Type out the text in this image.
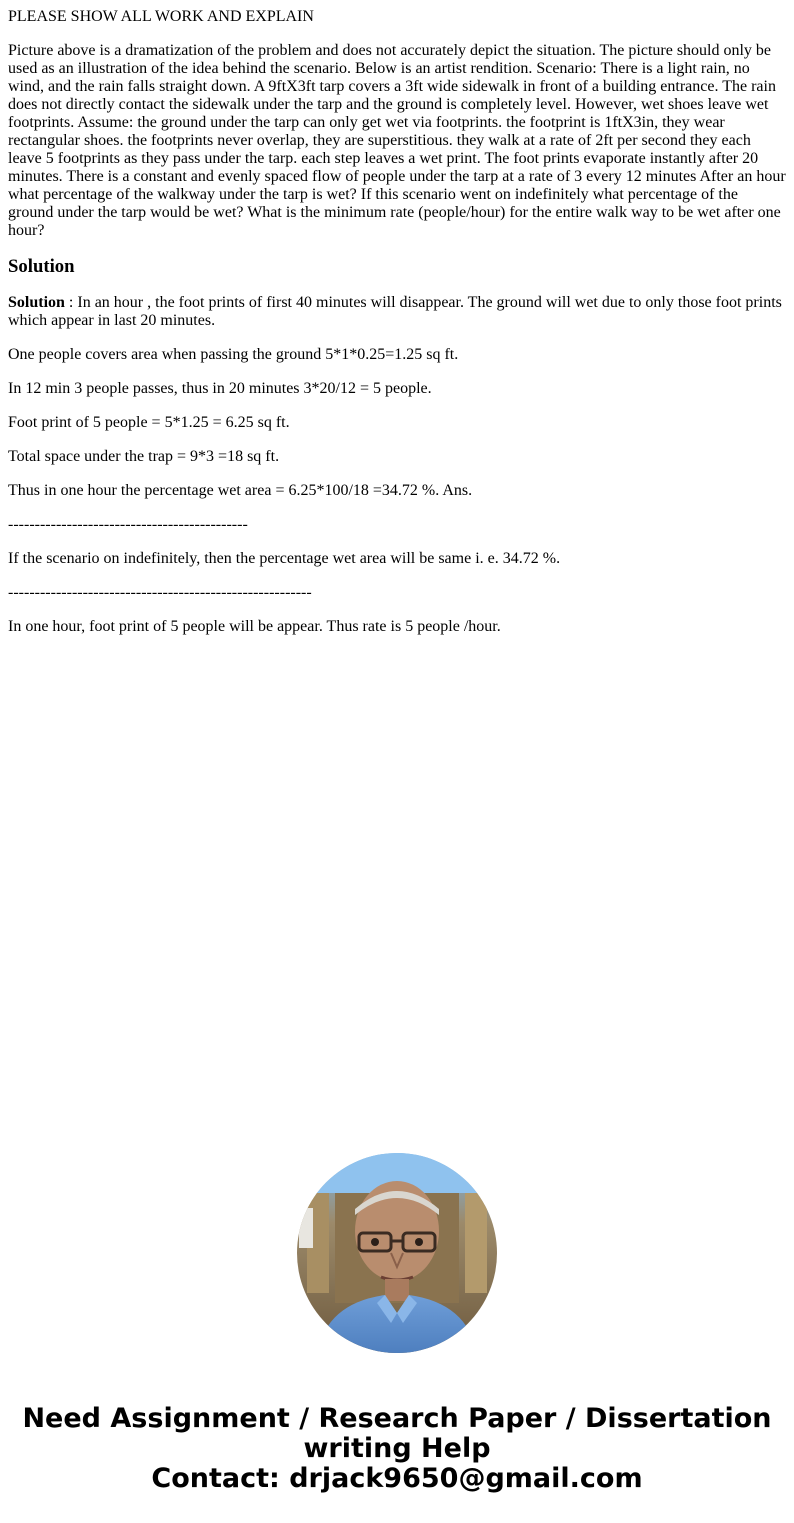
PLEASE SHOW ALL WORK AND EXPLAIN

Picture above is a dramatization of the problem and does not accurately depict the situation. The picture should only be used as an illustration of the idea behind the scenario. Below is an artist rendition. Scenario: There is a light rain, no wind, and the rain falls straight down. A 9ftX3ft tarp covers a 3ft wide sidewalk in front of a building entrance. The rain does not directly contact the sidewalk under the tarp and the ground is completely level. However, wet shoes leave wet footprints. Assume: the ground under the tarp can only get wet via footprints. the footprint is 1ftX3in, they wear rectangular shoes. the footprints never overlap, they are superstitious. they walk at a rate of 2ft per second they each leave 5 footprints as they pass under the tarp. each step leaves a wet print. The foot prints evaporate instantly after 20 minutes. There is a constant and evenly spaced flow of people under the tarp at a rate of 3 every 12 minutes After an hour what percentage of the walkway under the tarp is wet? If this scenario went on indefinitely what percentage of the ground under the tarp would be wet? What is the minimum rate (people/hour) for the entire walk way to be wet after one hour?

Solution

Solution : In an hour , the foot prints of first 40 minutes will disappear. The ground will wet due to only those foot prints which appear in last 20 minutes.

One people covers area when passing the ground 5*1*0.25=1.25 sq ft.

In 12 min 3 people passes, thus in 20 minutes 3*20/12 = 5 people.

Foot print of 5 people = 5*1.25 = 6.25 sq ft.

Total space under the trap = 9*3 =18 sq ft.

Thus in one hour the percentage wet area = 6.25*100/18 =34.72 %. Ans.

---------------------------------------------

If the scenario on indefinitely, then the percentage wet area will be same i. e. 34.72 %.

---------------------------------------------------------

In one hour, foot print of 5 people will be appear. Thus rate is 5 people /hour.

Need Assignment / Research Paper / Dissertation
writing Help
Contact: drjack9650@gmail.com
